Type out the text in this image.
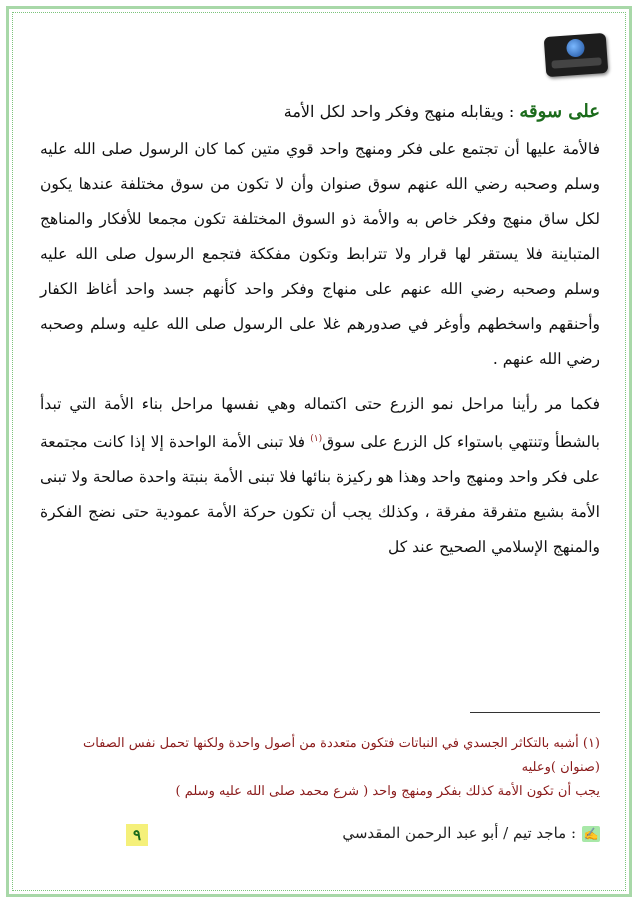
على سوقه : ويقابله منهج وفكر واحد لكل الأمة

فالأمة عليها أن تجتمع على فكر ومنهج واحد قوي متين كما كان الرسول صلى الله عليه وسلم وصحبه رضي الله عنهم سوق صنوان وأن لا تكون من سوق مختلفة عندها يكون لكل ساق منهج وفكر خاص به والأمة ذو السوق المختلفة تكون مجمعا للأفكار والمناهج المتباينة فلا يستقر لها قرار ولا تترابط وتكون مفككة فتجمع الرسول صلى الله عليه وسلم وصحبه رضي الله عنهم على منهاج وفكر واحد كأنهم جسد واحد أغاظ الكفار وأحنقهم واسخطهم وأوغر في صدورهم غلا على الرسول صلى الله عليه وسلم وصحبه رضي الله عنهم .

فكما مر رأينا مراحل نمو الزرع حتى اكتماله وهي نفسها مراحل بناء الأمة التي تبدأ بالشطأ وتنتهي باستواء كل الزرع على سوق$^{(١)}$ فلا تبنى الأمة الواحدة إلا إذا كانت مجتمعة على فكر واحد ومنهج واحد وهذا هو ركيزة بنائها فلا تبنى الأمة بنبتة واحدة صالحة ولا تبنى الأمة بشيع متفرقة مفرقة ، وكذلك يجب أن تكون حركة الأمة عمودية حتى نضج الفكرة والمنهج الإسلامي الصحيح عند كل

(١) أشبه بالتكاثر الجسدي في النباتات فتكون متعددة من أصول واحدة ولكنها تحمل نفس الصفات (صنوان )وعليه
يجب أن تكون الأمة كذلك بفكر ومنهج واحد ( شرع محمد صلى الله عليه وسلم )
✍
: ماجد تيم / أبو عبد الرحمن المقدسي
٩
